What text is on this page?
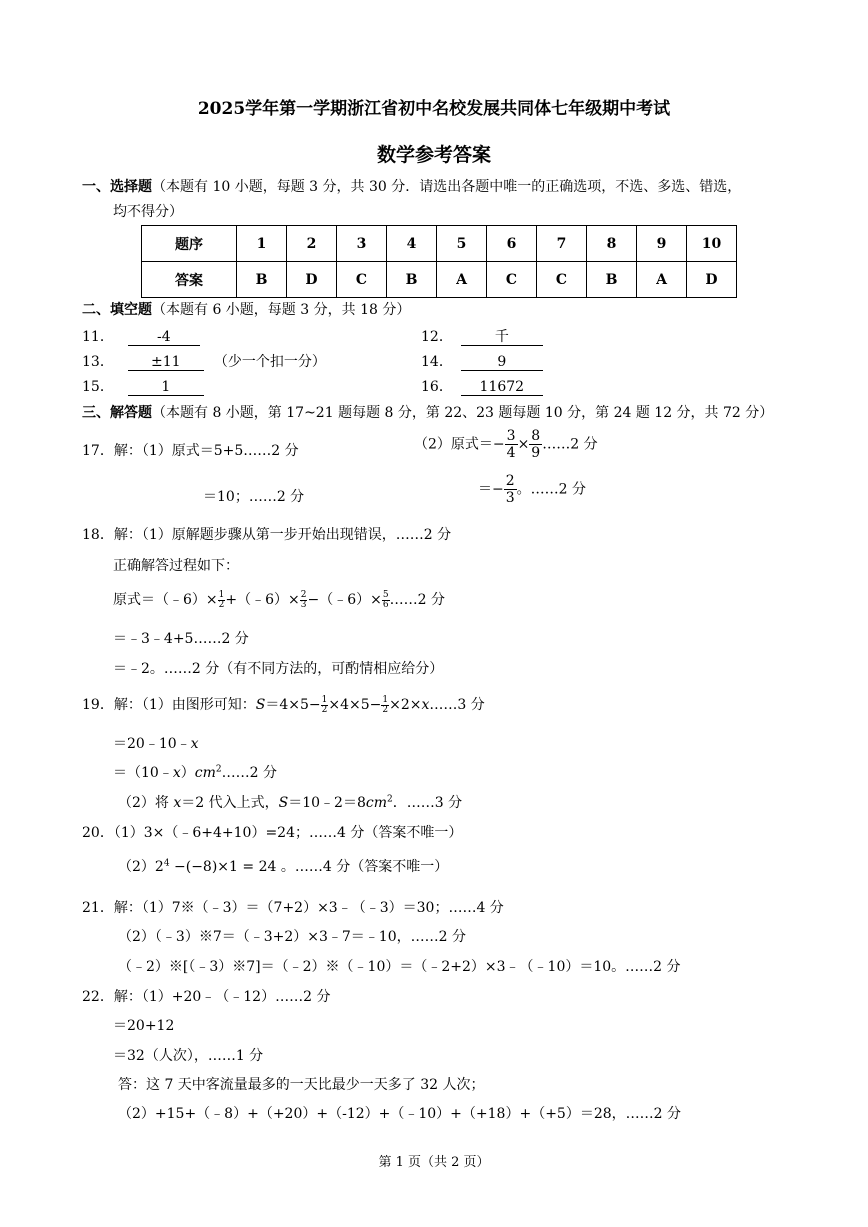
2025学年第一学期浙江省初中名校发展共同体七年级期中考试
数学参考答案
一、选择题（本题有 10 小题，每题 3 分，共 30 分．请选出各题中唯一的正确选项，不选、多选、错选，
均不得分）
题序	1	2	3	4	5	6	7	8	9	10
答案	B	D	C	B	A	C	C	B	A	D
二、填空题（本题有 6 小题，每题 3 分，共 18 分）
11．	-4	12．	千
13．	±11 （少一个扣一分）	14．	9
15．	1	16． 11672
三、解答题（本题有 8 小题，第 17~21 题每题 8 分，第 22、23 题每题 10 分，第 24 题 12 分，共 72 分）
17．解：（1）原式＝5+5……2 分
＝10；……2 分
（2）原式＝− $\frac{3}{4} \times \frac{8}{9}$ ……2 分
＝− $\frac{2}{3}$ 。……2 分
18．解：（1）原解题步骤从第一步开始出现错误，……2 分
正确解答过程如下：
原式＝（﹣6）× $\frac{1}{2}$ +（﹣6）× $\frac{2}{3}$ −（﹣6）× $\frac{5}{6}$ ……2 分
＝﹣3﹣4+5……2 分
＝﹣2。……2 分（有不同方法的，可酌情相应给分）
19．解：（1）由图形可知：$S=4\times 5- \frac{1}{2} \times 4\times 5- \frac{1}{2}$ ×2×x……3 分
＝20﹣10﹣x
$=(10﹣x)cm^2\dots\dots 2$ 分
（2）将 x＝2 代入上式，$S=10﹣2=8cm^2$．……3 分
20．（1）3×（﹣6+4+10）=24；……4 分（答案不唯一）
$(2)2^4 -(-8)\times 1 = 24$ 。……4 分（答案不唯一）
21．解：（1）7※（﹣3）＝（7+2）×3﹣（﹣3）＝30；……4 分
（2）（﹣3）※7＝（﹣3+2）×3﹣7＝﹣10，……2 分
（﹣2）※[（﹣3）※7]＝（﹣2）※（﹣10）＝（﹣2+2）×3﹣（﹣10）＝10。……2 分
22．解：（1）+20﹣（﹣12）……2 分
＝20+12
＝32（人次），……1 分
答：这 7 天中客流量最多的一天比最少一天多了 32 人次；
（2）+15+（﹣8）+（+20）+（-12）+（﹣10）+（+18）+（+5）＝28，……2 分
第 1 页（共 2 页）
